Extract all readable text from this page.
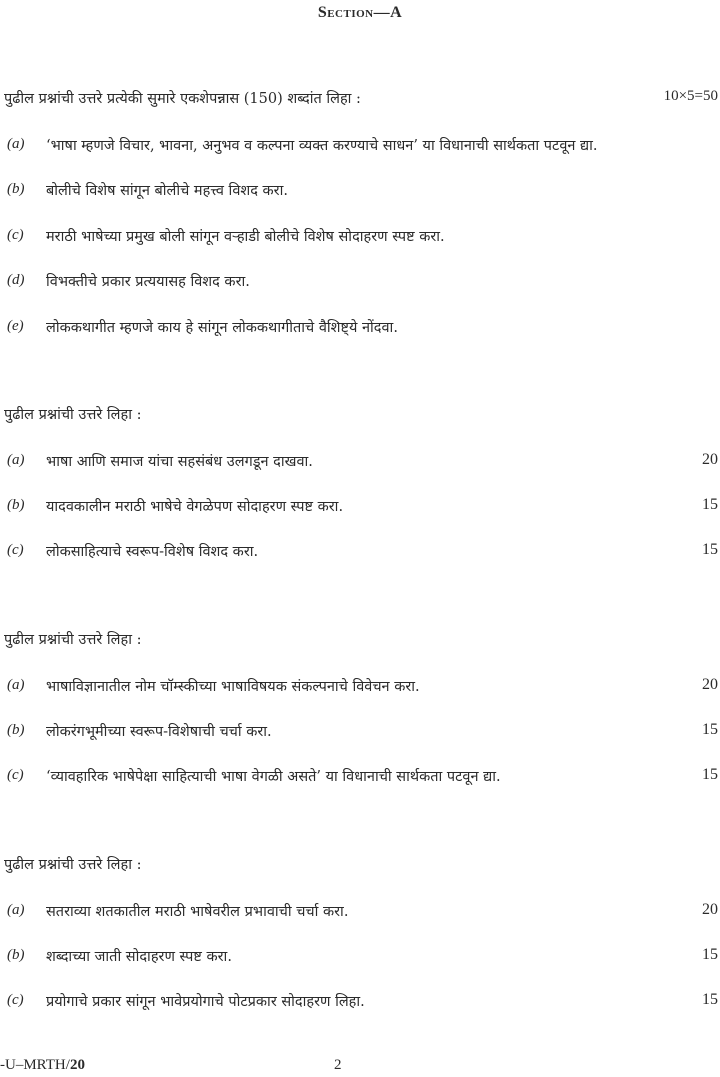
Section—A
पुढील प्रश्नांची उत्तरे प्रत्येकी सुमारे एकशेपन्नास (150) शब्दांत लिहा :	10×5=50
(a) ‘भाषा म्हणजे विचार, भावना, अनुभव व कल्पना व्यक्त करण्याचे साधन’ या विधानाची सार्थकता पटवून द्या.
(b) बोलीचे विशेष सांगून बोलीचे महत्त्व विशद करा.
(c) मराठी भाषेच्या प्रमुख बोली सांगून वऱ्हाडी बोलीचे विशेष सोदाहरण स्पष्ट करा.
(d) विभक्तीचे प्रकार प्रत्ययासह विशद करा.
(e) लोककथागीत म्हणजे काय हे सांगून लोककथागीताचे वैशिष्ट्ये नोंदवा.
पुढील प्रश्नांची उत्तरे लिहा :
(a) भाषा आणि समाज यांचा सहसंबंध उलगडून दाखवा.	20
(b) यादवकालीन मराठी भाषेचे वेगळेपण सोदाहरण स्पष्ट करा.	15
(c) लोकसाहित्याचे स्वरूप-विशेष विशद करा.	15
पुढील प्रश्नांची उत्तरे लिहा :
(a) भाषाविज्ञानातील नोम चॉम्स्कीच्या भाषाविषयक संकल्पनाचे विवेचन करा.	20
(b) लोकरंगभूमीच्या स्वरूप-विशेषाची चर्चा करा.	15
(c) ‘व्यावहारिक भाषेपेक्षा साहित्याची भाषा वेगळी असते’ या विधानाची सार्थकता पटवून द्या.	15
पुढील प्रश्नांची उत्तरे लिहा :
(a) सतराव्या शतकातील मराठी भाषेवरील प्रभावाची चर्चा करा.	20
(b) शब्दाच्या जाती सोदाहरण स्पष्ट करा.	15
(c) प्रयोगाचे प्रकार सांगून भावेप्रयोगाचे पोटप्रकार सोदाहरण लिहा.	15
-U–MRTH/20	2
